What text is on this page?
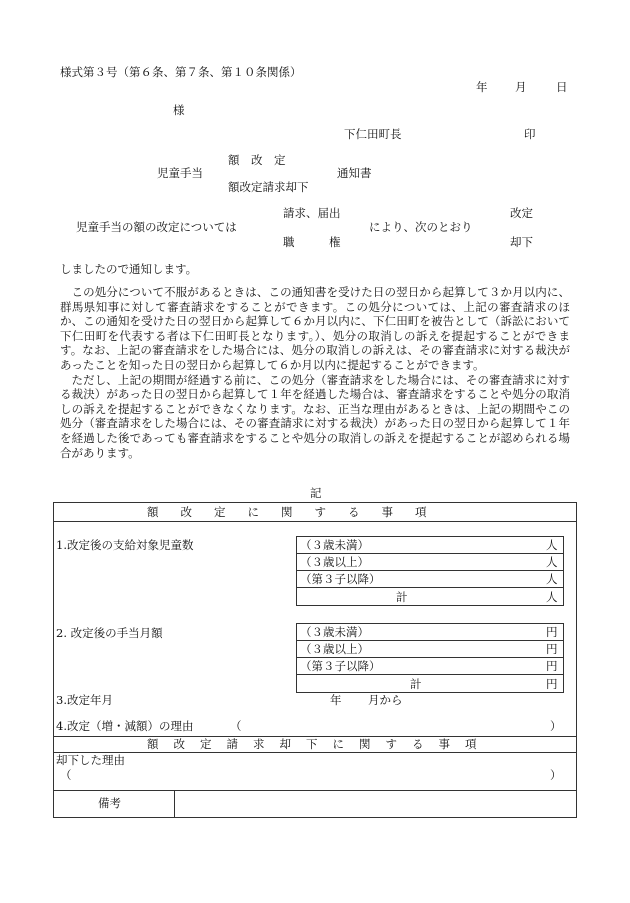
様式第３号（第６条、第７条、第１０条関係）
年 月	日
様
下仁田町長	印
額　改　定
児童手当	通知書
額改定請求却下
請求、届出	改定
児童手当の額の改定については	により、次のとおり
職　　　権	却下
しましたので通知します。

この処分について不服があるときは、この通知書を受けた日の翌日から起算して３か月以内に、群馬県知事に対して審査請求をすることができます。この処分については、上記の審査請求のほか、この通知を受けた日の翌日から起算して６か月以内に、下仁田町を被告として（訴訟において下仁田町を代表する者は下仁田町長となります。）、処分の取消しの訴えを提起することができます。なお、上記の審査請求をした場合には、処分の取消しの訴えは、その審査請求に対する裁決があったことを知った日の翌日から起算して６か月以内に提起することができます。

ただし、上記の期間が経過する前に、この処分（審査請求をした場合には、その審査請求に対する裁決）があった日の翌日から起算して１年を経過した場合は、審査請求をすることや処分の取消しの訴えを提起することができなくなります。なお、正当な理由があるときは、上記の期間やこの処分（審査請求をした場合には、その審査請求に対する裁決）があった日の翌日から起算して１年を経過した後であっても審査請求をすることや処分の取消しの訴えを提起することが認められる場合があります。

記
額改定に関する事項
1.改定後の支給対象児童数	（３歳未満）	人
（３歳以上）	人
（第３子以降）	人
計	人
2. 改定後の手当月額	（３歳未満）	円
（３歳以上）	円
（第３子以降）	円
計	円
3.改定年月	年 月から
4.改定（増・減額）の理由	（	）
額改定請求却下に関する事項
却下した理由
（	）
備考
